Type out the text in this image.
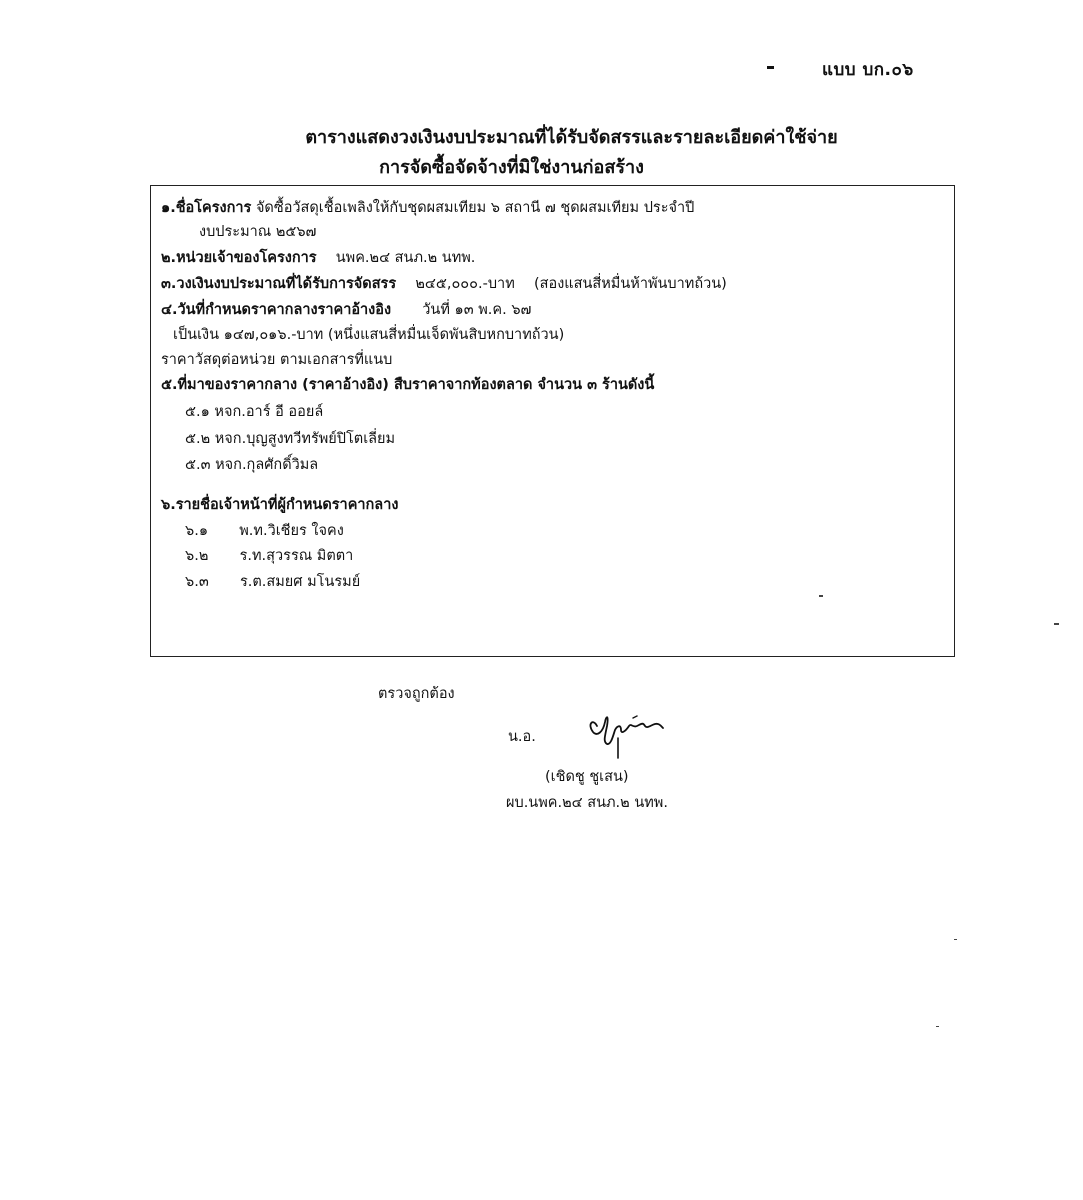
แบบ บก.๐๖
ตารางแสดงวงเงินงบประมาณที่ได้รับจัดสรรและรายละเอียดค่าใช้จ่าย
การจัดซื้อจัดจ้างที่มิใช่งานก่อสร้าง
๑.ชื่อโครงการ จัดซื้อวัสดุเชื้อเพลิงให้กับชุดผสมเทียม ๖ สถานี ๗ ชุดผสมเทียม ประจำปี
งบประมาณ ๒๕๖๗
๒.หน่วยเจ้าของโครงการ นพค.๒๔ สนภ.๒ นทพ.
๓.วงเงินงบประมาณที่ได้รับการจัดสรร ๒๔๕,๐๐๐.-บาท (สองแสนสี่หมื่นห้าพันบาทถ้วน)
๔.วันที่กำหนดราคากลางราคาอ้างอิง วันที่ ๑๓ พ.ค. ๖๗
เป็นเงิน ๑๔๗,๐๑๖.-บาท (หนึ่งแสนสี่หมื่นเจ็ดพันสิบหกบาทถ้วน)
ราคาวัสดุต่อหน่วย ตามเอกสารที่แนบ
๕.ที่มาของราคากลาง (ราคาอ้างอิง) สืบราคาจากท้องตลาด จำนวน ๓ ร้านดังนี้
๕.๑ หจก.อาร์ อี ออยล์
๕.๒ หจก.บุญสูงทวีทรัพย์ปิโตเลี่ยม
๕.๓ หจก.กุลศักดิ์วิมล
๖.รายชื่อเจ้าหน้าที่ผู้กำหนดราคากลาง
๖.๑ พ.ท.วิเชียร ใจคง
๖.๒ ร.ท.สุวรรณ มิตตา
๖.๓ ร.ต.สมยศ มโนรมย์
ตรวจถูกต้อง
น.อ.
(เชิดชู ชูเสน)
ผบ.นพค.๒๔ สนภ.๒ นทพ.
